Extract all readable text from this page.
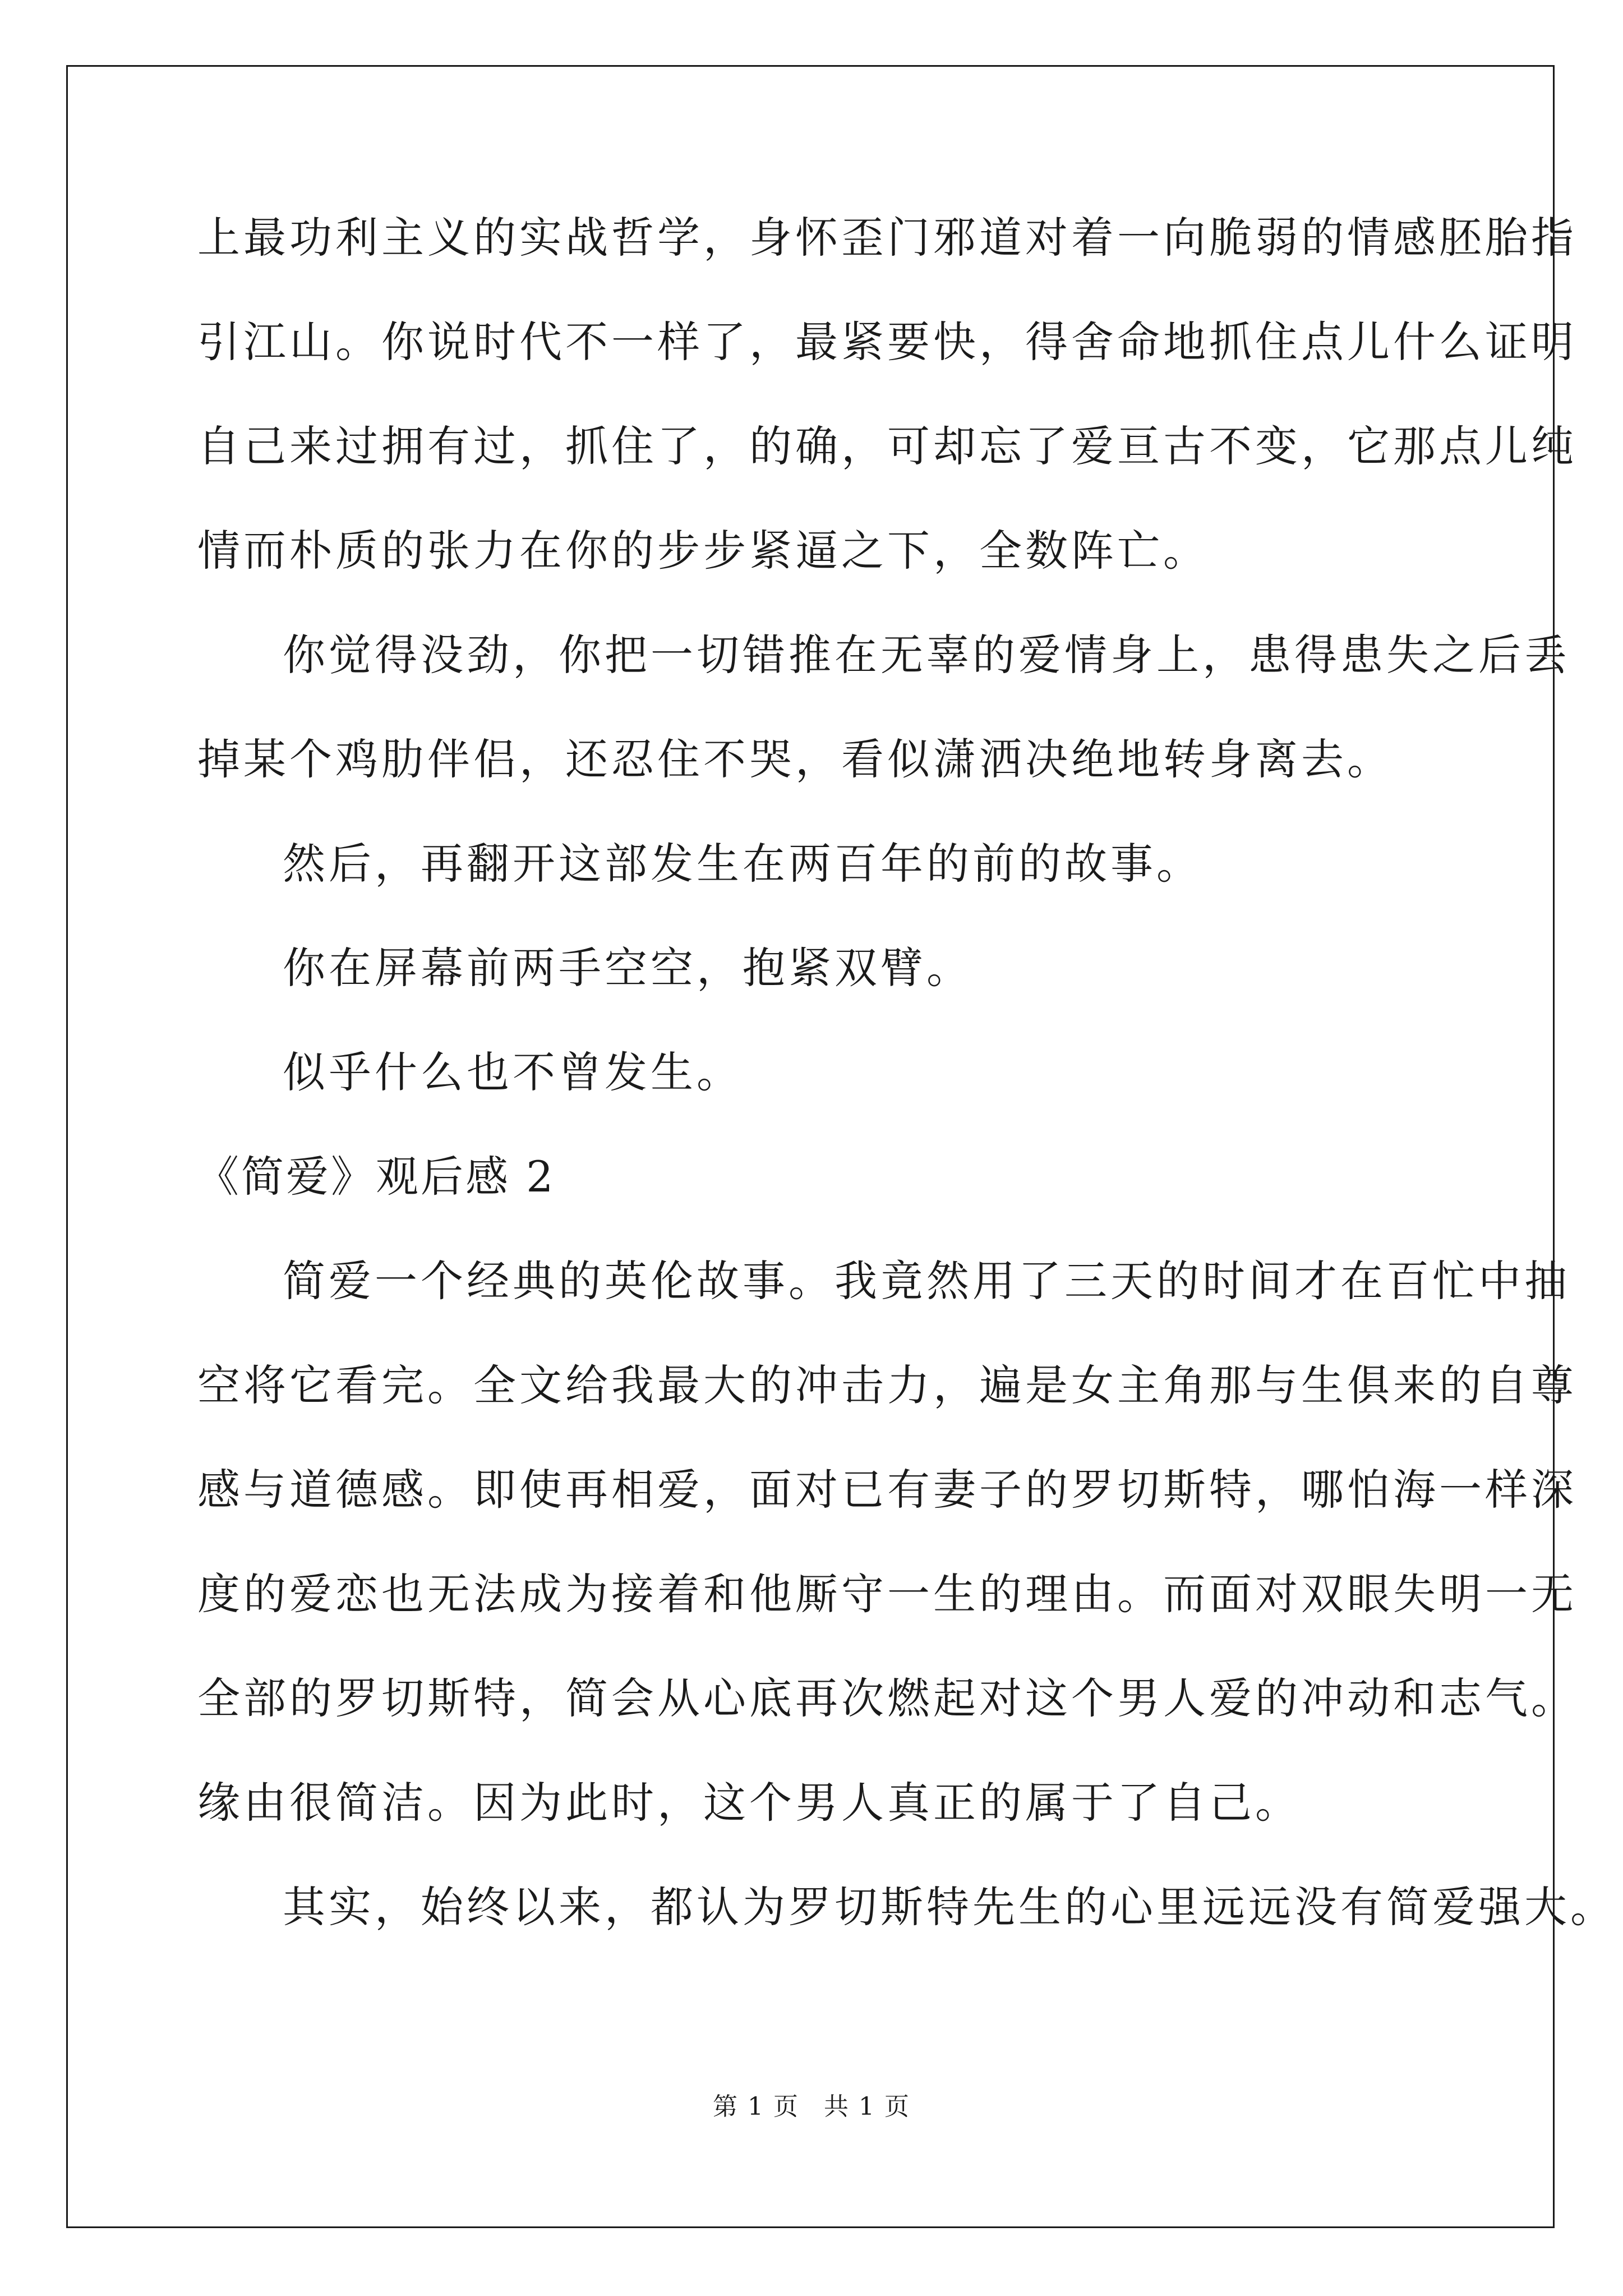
上最功利主义的实战哲学，身怀歪门邪道对着一向脆弱的情感胚胎指
引江山。你说时代不一样了，最紧要快，得舍命地抓住点儿什么证明
自己来过拥有过，抓住了，的确，可却忘了爱亘古不变，它那点儿纯
情而朴质的张力在你的步步紧逼之下，全数阵亡。
你觉得没劲，你把一切错推在无辜的爱情身上，患得患失之后丢
掉某个鸡肋伴侣，还忍住不哭，看似潇洒决绝地转身离去。
然后，再翻开这部发生在两百年的前的故事。
你在屏幕前两手空空，抱紧双臂。
似乎什么也不曾发生。
《简爱》观后感 2
简爱一个经典的英伦故事。我竟然用了三天的时间才在百忙中抽
空将它看完。全文给我最大的冲击力，遍是女主角那与生俱来的自尊
感与道德感。即使再相爱，面对已有妻子的罗切斯特，哪怕海一样深
度的爱恋也无法成为接着和他厮守一生的理由。而面对双眼失明一无
全部的罗切斯特，简会从心底再次燃起对这个男人爱的冲动和志气。
缘由很简洁。因为此时，这个男人真正的属于了自己。
其实，始终以来，都认为罗切斯特先生的心里远远没有简爱强大。
第 1 页 共 1 页
